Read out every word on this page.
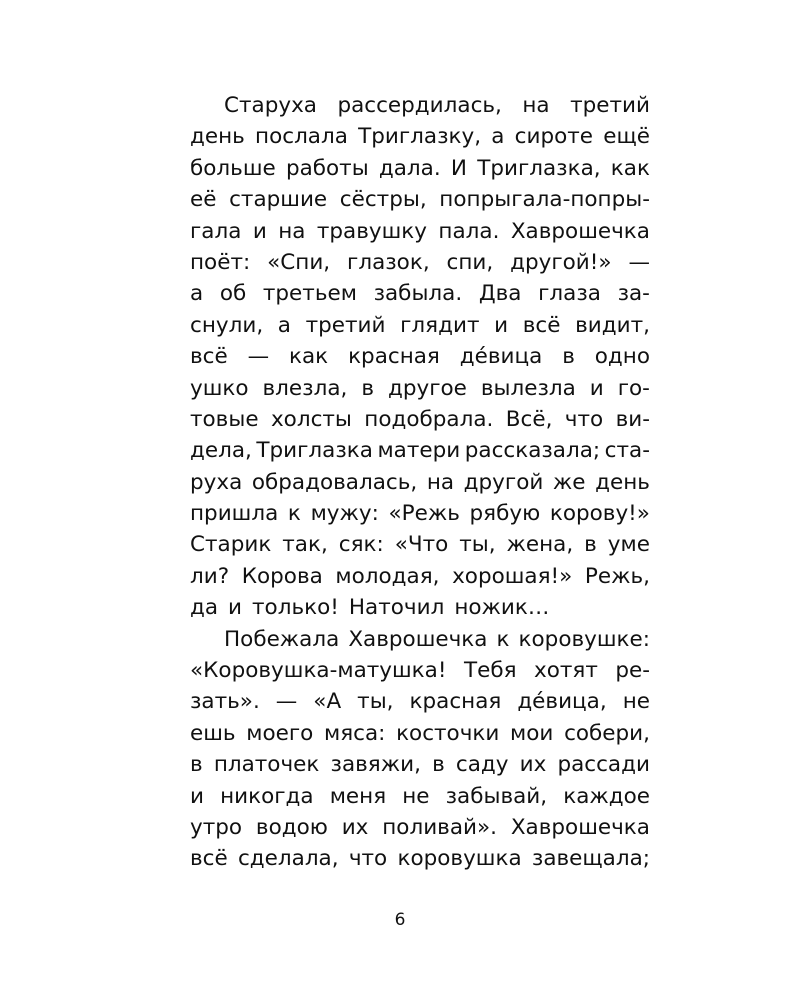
Старуха рассердилась, на третий
день послала Триглазку, а сироте ещё
больше работы дала. И Триглазка, как
её старшие сёстры, попрыгала-попры-
гала и на травушку пала. Хаврошечка
поёт: «Спи, глазок, спи, другой!» —
а об третьем забыла. Два глаза за-
снули, а третий глядит и всё видит,
всё — как красная де́вица в одно
ушко влезла, в другое вылезла и го-
товые холсты подобрала. Всё, что ви-
дела, Триглазка матери рассказала; ста-
руха обрадовалась, на другой же день
пришла к мужу: «Режь рябую корову!»
Старик так, сяк: «Что ты, жена, в уме
ли? Корова молодая, хорошая!» Режь,
да и только! Наточил ножик…
Побежала Хаврошечка к коровушке:
«Коровушка-матушка! Тебя хотят ре-
зать». — «А ты, красная де́вица, не
ешь моего мяса: косточки мои собери,
в платочек завяжи, в саду их рассади
и никогда меня не забывай, каждое
утро водою их поливай». Хаврошечка
всё сделала, что коровушка завещала;
6
